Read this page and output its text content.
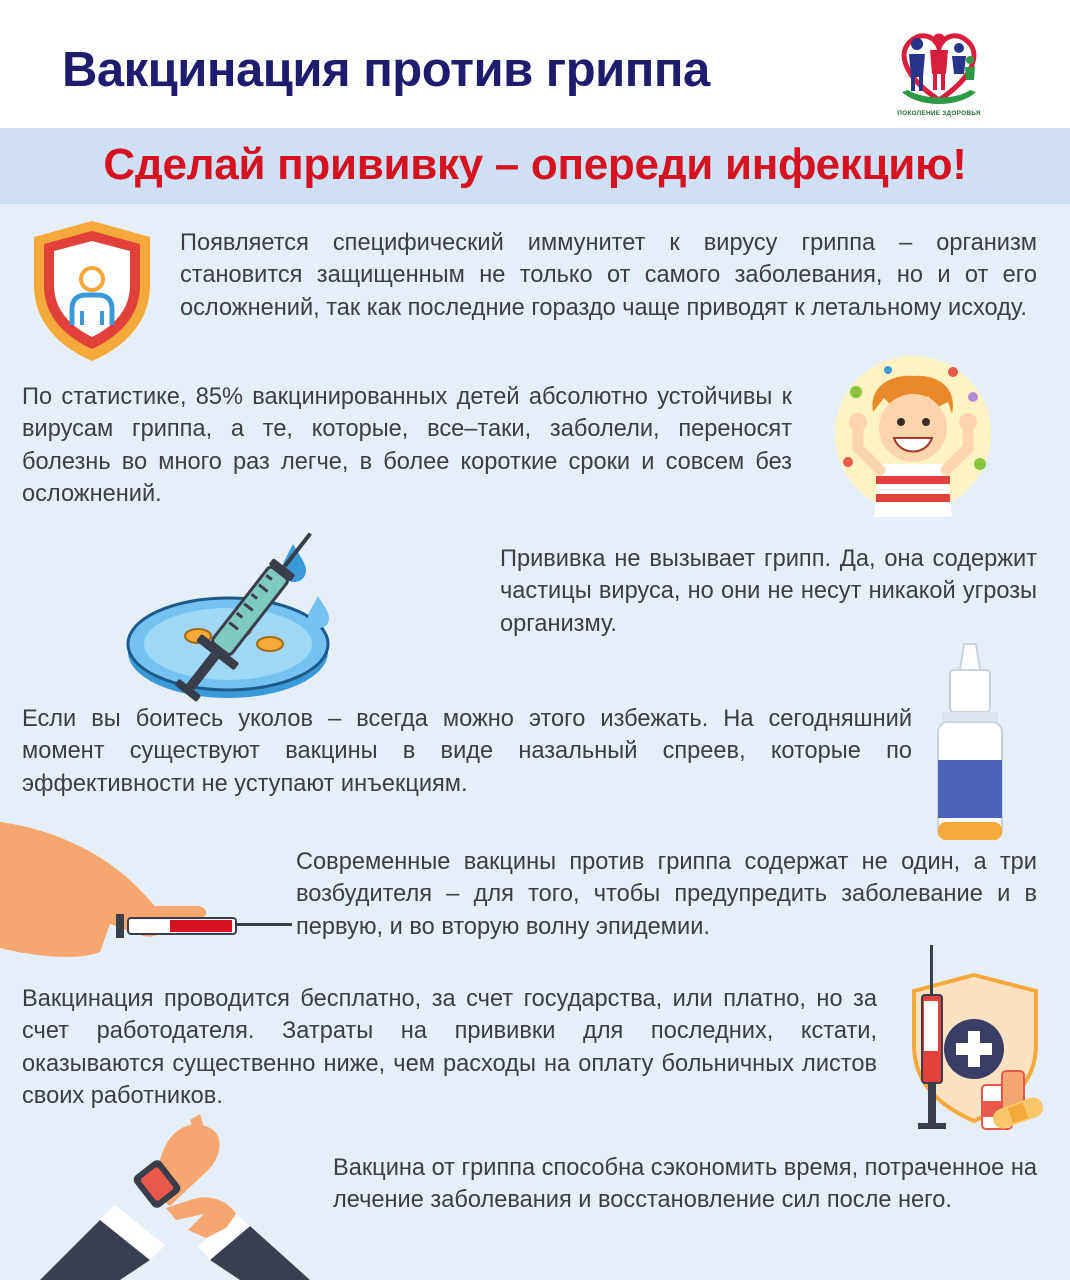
Вакцинация против гриппа
ПОКОЛЕНИЕ ЗДОРОВЬЯ
Сделай прививку – опереди инфекцию!
Появляется специфический иммунитет к вирусу гриппа – организм становится защищенным не только от самого заболевания, но и от его осложнений, так как последние гораздо чаще приводят к летальному исходу.
По статистике, 85% вакцинированных детей абсолютно устойчивы к вирусам гриппа, а те, которые, все–таки, заболели, переносят болезнь во много раз легче, в более короткие сроки и совсем без осложнений.
Прививка не вызывает грипп. Да, она содержит частицы вируса, но они не несут никакой угрозы организму.
Если вы боитесь уколов – всегда можно этого избежать. На сегодняшний момент существуют вакцины в виде назальный спреев, которые по эффективности не уступают инъекциям.
Современные вакцины против гриппа содержат не один, а три возбудителя – для того, чтобы предупредить заболевание и в первую, и во вторую волну эпидемии.
Вакцинация проводится бесплатно, за счет государства, или платно, но за счет работодателя. Затраты на прививки для последних, кстати, оказываются существенно ниже, чем расходы на оплату больничных листов своих работников.
Вакцина от гриппа способна сэкономить время, потраченное на лечение заболевания и восстановление сил после него.
